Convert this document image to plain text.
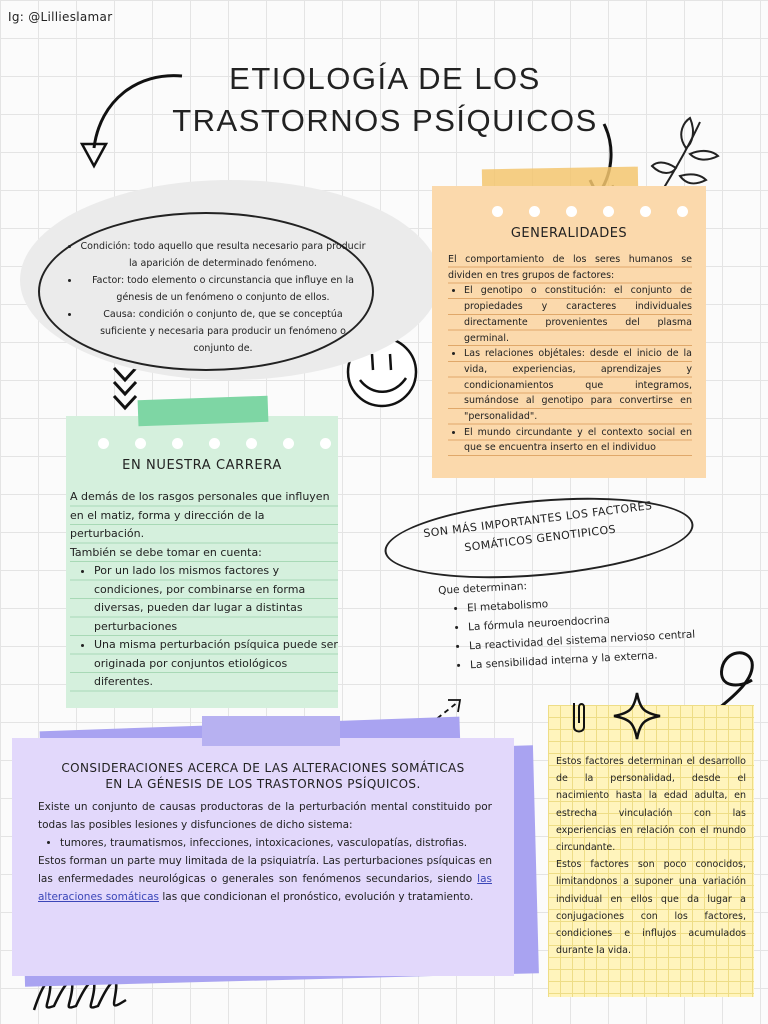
Ig: @Lillieslamar
ETIOLOGÍA DE LOS
TRASTORNOS PSÍQUICOS
• Condición: todo aquello que resulta necesario para producir la aparición de determinado fenómeno.
• Factor: todo elemento o circunstancia que influye en la génesis de un fenómeno o conjunto de ellos.
• Causa: condición o conjunto de, que se conceptúa suficiente y necesaria para producir un fenómeno o conjunto de.
GENERALIDADES
El comportamiento de los seres humanos se dividen en tres grupos de factores:
• El genotipo o constitución: el conjunto de propiedades y caracteres individuales directamente provenientes del plasma germinal.
• Las relaciones objétales: desde el inicio de la vida, experiencias, aprendizajes y condicionamientos que integramos, sumándose al genotipo para convertirse en "personalidad".
• El mundo circundante y el contexto social en que se encuentra inserto en el individuo
EN NUESTRA CARRERA
A demás de los rasgos personales que influyen en el matiz, forma y dirección de la perturbación.
También se debe tomar en cuenta:
• Por un lado los mismos factores y condiciones, por combinarse en forma diversas, pueden dar lugar a distintas perturbaciones
• Una misma perturbación psíquica puede ser originada por conjuntos etiológicos diferentes.
SON MÁS IMPORTANTES LOS FACTORES SOMÁTICOS GENOTIPICOS
Que determinan:
• El metabolismo
• La fórmula neuroendocrina
• La reactividad del sistema nervioso central
• La sensibilidad interna y la externa.
Estos factores determinan el desarrollo de la personalidad, desde el nacimiento hasta la edad adulta, en estrecha vinculación con las experiencias en relación con el mundo circundante.
Estos factores son poco conocidos, limitandonos a suponer una variación individual en ellos que da lugar a conjugaciones con los factores, condiciones e influjos acumulados durante la vida.
CONSIDERACIONES ACERCA DE LAS ALTERACIONES SOMÁTICAS
EN LA GÉNESIS DE LOS TRASTORNOS PSÍQUICOS.
Existe un conjunto de causas productoras de la perturbación mental constituido por todas las posibles lesiones y disfunciones de dicho sistema:
• tumores, traumatismos, infecciones, intoxicaciones, vasculopatías, distrofias.
Estos forman un parte muy limitada de la psiquiatría. Las perturbaciones psíquicas en las enfermedades neurológicas o generales son fenómenos secundarios, siendo las alteraciones somáticas las que condicionan el pronóstico, evolución y tratamiento.
